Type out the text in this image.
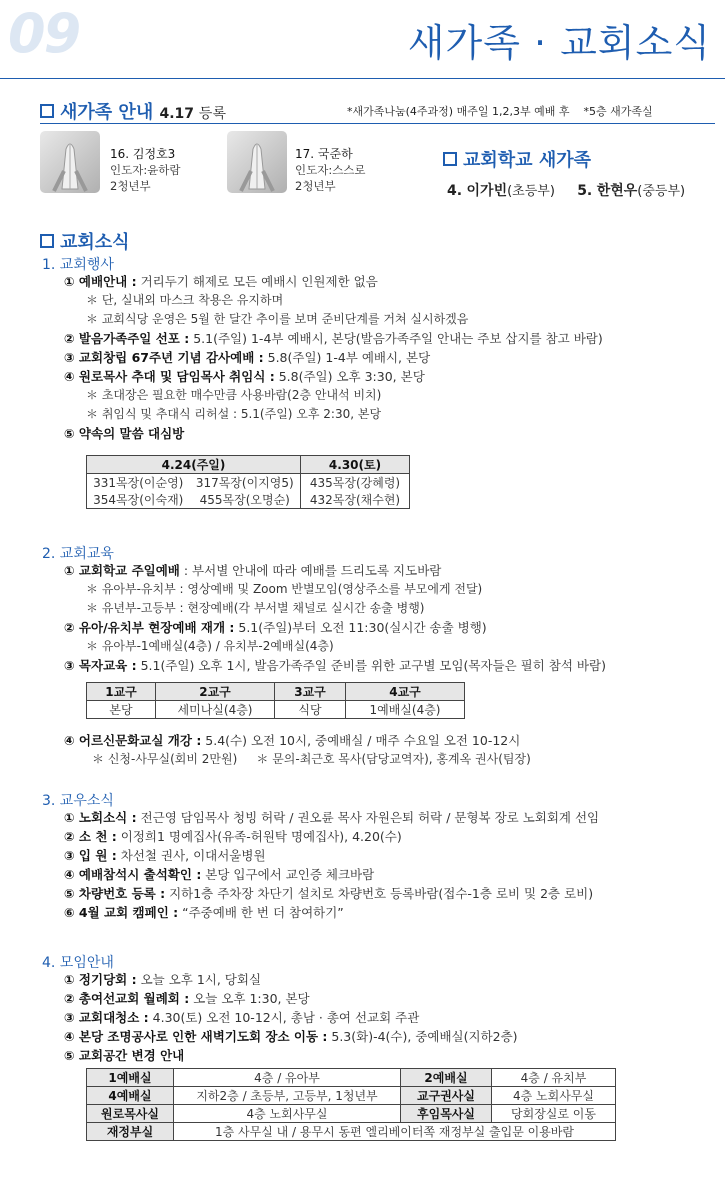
09	새가족 · 교회소식
새가족 안내 4.17 등록	*새가족나눔(4주과정) 매주일 1,2,3부 예배 후 *5층 새가족실
16. 김정호3
인도자:윤하람
2청년부
17. 국준하
인도자:스스로
2청년부
교회학교 새가족
4. 이가빈(초등부) 5. 한현우(중등부)
교회소식
1. 교회행사
① 예배안내 : 거리두기 해제로 모든 예배시 인원제한 없음
＊ 단, 실내외 마스크 착용은 유지하며
＊ 교회식당 운영은 5월 한 달간 추이를 보며 준비단계를 거쳐 실시하겠음
② 발음가족주일 선포 : 5.1(주일) 1-4부 예배시, 본당(발음가족주일 안내는 주보 삽지를 참고 바람)
③ 교회창립 67주년 기념 감사예배 : 5.8(주일) 1-4부 예배시, 본당
④ 원로목사 추대 및 담임목사 취임식 : 5.8(주일) 오후 3:30, 본당
＊ 초대장은 필요한 매수만큼 사용바람(2층 안내석 비치)
＊ 취임식 및 추대식 리허설 : 5.1(주일) 오후 2:30, 본당
⑤ 약속의 말씀 대심방
4.24(주일)		4.30(토)
331목장(이순영)	317목장(이지영5)	435목장(강혜령)
354목장(이숙재)	455목장(오명순)	432목장(채수현)
2. 교회교육
① 교회학교 주일예배 : 부서별 안내에 따라 예배를 드리도록 지도바람
＊ 유아부-유치부 : 영상예배 및 Zoom 반별모임(영상주소를 부모에게 전달)
＊ 유년부-고등부 : 현장예배(각 부서별 채널로 실시간 송출 병행)
② 유아/유치부 현장예배 재개 : 5.1(주일)부터 오전 11:30(실시간 송출 병행)
＊ 유아부-1예배실(4층) / 유치부-2예배실(4층)
③ 목자교육 : 5.1(주일) 오후 1시, 발음가족주일 준비를 위한 교구별 모임(목자들은 필히 참석 바람)
1교구	2교구	3교구	4교구
본당	세미나실(4층)	식당	1예배실(4층)
④ 어르신문화교실 개강 : 5.4(수) 오전 10시, 중예배실 / 매주 수요일 오전 10-12시
＊ 신청-사무실(회비 2만원) ＊ 문의-최근호 목사(담당교역자), 홍계옥 권사(팀장)
3. 교우소식
① 노회소식 : 전근영 담임목사 청빙 허락 / 권오륜 목사 자원은퇴 허락 / 문형복 장로 노회회계 선임
② 소 천 : 이정희1 명예집사(유족-허원탁 명예집사), 4.20(수)
③ 입 원 : 차선철 권사, 이대서울병원
④ 예배참석시 출석확인 : 본당 입구에서 교인증 체크바람
⑤ 차량번호 등록 : 지하1층 주차장 차단기 설치로 차량번호 등록바람(접수-1층 로비 및 2층 로비)
⑥ 4월 교회 캠페인 : “주중예배 한 번 더 참여하기”
4. 모임안내
① 정기당회 : 오늘 오후 1시, 당회실
② 총여선교회 월례회 : 오늘 오후 1:30, 본당
③ 교회대청소 : 4.30(토) 오전 10-12시, 총남 · 총여 선교회 주관
④ 본당 조명공사로 인한 새벽기도회 장소 이동 : 5.3(화)-4(수), 중예배실(지하2층)
⑤ 교회공간 변경 안내
1예배실	4층 / 유아부	2예배실	4층 / 유치부
4예배실	지하2층 / 초등부, 고등부, 1청년부	교구권사실	4층 노회사무실
원로목사실	4층 노회사무실	후임목사실	당회장실로 이동
재정부실	1층 사무실 내 / 용무시 동편 엘리베이터쪽 재정부실 출입문 이용바람		
